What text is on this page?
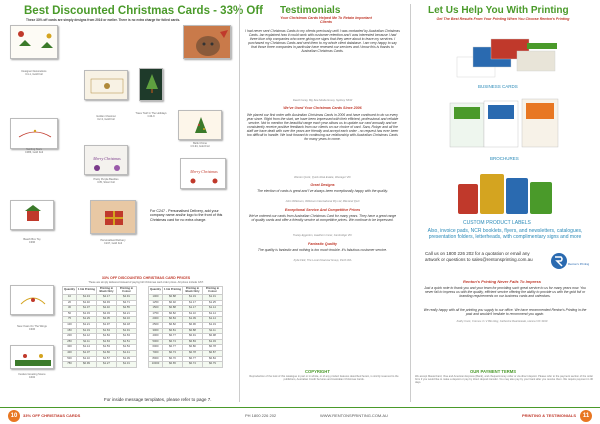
Best Discounted Christmas Cards - 33% Off
These 33% off cards are simply designs from 2016 or earlier. There is no extra charge for foiled cards.
Designer Decorations
C4-1, Gold Foil
Golden Chestnut
C2-3, Gold Foil
Trees Twirl In The Holidays
C43-9
Swirling Stars
C386, Gold Foil
Merry Christmas
Pretty Purple Baubles
C35, Silver Foil
Bells Chime
C3-94, Gold Foil
Merry Christmas
Personalised Delivery
C247, Gold Foil
For C247 - Personalised Delivery, add your company name and/or logo to the front of this Christmas card for no extra charge.
Beach Box Toy
C396
New Years On The Wings
C306
Festive Greeting Scene
C402
33% OFF DISCOUNTED CHRISTMAS CARD PRICES
These are simply delivered instead of paying full Christmas card order prices. All prices include GST.
Quantity	1 Ink Printing	Printing in Black Only	Printing in Colour
10	$1.43	$2.17	$2.91
20	$1.40	$2.93	$2.71
30	$1.37	$2.40	$2.55
50	$1.33	$2.03	$2.21
75	$1.29	$2.05	$2.16
100	$1.21	$1.97	$2.18
150	$1.19	$1.63	$1.91
200	$1.12	$1.84	$1.63
250	$1.11	$1.63	$1.51
300	$1.14	$1.53	$1.54
400	$1.07	$1.66	$1.41
500	$1.10	$1.57	$1.39
750	$0.99	$1.27	$1.31
Quantity	1 Ink Printing	Printing in Black Only	Printing in Colour
1000	$0.88	$1.19	$1.31
1250	$0.92	$1.17	$1.25
1500	$0.88	$1.17	$1.14
1750	$0.82	$1.10	$1.14
2000	$0.84	$1.09	$1.14
2500	$0.82	$0.96	$1.19
3000	$0.81	$0.88	$1.11
4000	$0.77	$0.91	$0.98
5000	$0.74	$0.83	$1.03
6000	$0.77	$0.80	$0.78
7000	$0.73	$0.78	$0.87
8000	$0.70	$0.77	$0.84
10000	$0.65	$0.74	$0.79
For inside message templates, please refer to page 7.
Testimonials
Your Christmas Cards Helped Me To Retain Important Clients
I had never sent Christmas Cards to my clients previously until I was contacted by Australian Christmas Cards. Ian explained how it could work with customer retention and I was interested because I had three blue chip companies who were giving me signs that they were about to leave my services. I purchased my Christmas Cards and sent them to my whole client database. I am very happy to say that those three companies in particular have renewed our services and I know this is thanks to Australian Christmas Cards.
David Carey, Big Sea Media Group, Sydney NSW
We've Used Your Christmas Cards Since 2006
We placed our first order with Australian Christmas Cards in 2006 and have continued to do so every year since. Right from the start, we have been impressed with their efficient, professional and reliable service. Not to mention the beautiful range each year allows us to update our card annually and we consistently receive positive feedback from our clients on our choice of card. Sara, Robyn and all the staff we have dealt with over the years are friendly and accept each order - no request has ever been too difficult to handle. We look forward to continuing our relationship with Australian Christmas Cards for many years to come.
Warren Quick, Quick Real Estate, Warragul VIC
Great Designs
The election of cards is great and I've always been exceptionally happy with the quality.
John Wilkinson, Wilkinson International Pty Ltd, Mile End QLD
Exceptional Service And Competitive Prices
We've ordered our cards from Australian Christmas Card for many years. They have a great range of quality cards and offer a friendly service at competitive prices. We continue to be impressed.
Tracey Eggerton, Hawthorn Inner, Cambridge VIC
Fantastic Quality
The quality is fantastic and nothing is too much trouble. It's fabulous customer service.
Kylie Flett, The Local Financial Group, Perth WA
COPYRIGHT
Reproduction of the look of this catalogue in part or in whole, or of any product features described herein, is strictly reserved to the publishers, Australian Credit Services and Australian Christmas Cards.
Let Us Help You With Printing
Get The Best Results From Your Printing When You Choose Renton's Printing
BUSINESS CARDS
BROCHURES
CUSTOM PRODUCT LABELS
Also, invoice pads, NCR booklets, flyers, and newsletters, catalogues, presentation folders, letterheads, with complimentary signs and more
Call us on 1800 226 202 for a quotation or email any artwork or questions to sales@rentonsprinting.com.au
Renton's Printing
Renton's Printing Never Fails To Impress
Just a quick note to thank you and your team for providing such great service to us for many years now. You never fail to impress us with the quality, efficient service offering the ability to provide us with the gold foil or branding requirements on our business cards and calendars.
We really happy with all the printing you supply to our office. We have recommended Renton's Printing in the past and wouldn't hesitate to recommend you again.
Kathy Cook, Cremos 3 / 2 Bits Reg, Catherine Real Estate, Hanna VIC 3910
OUR PAYMENT TERMS
We accept MasterCard, Visa and American Express (Bank), and cheque/money order or via direct deposit. Please refer to the payment section of the order form if you would like to make a deposit or pay by direct deposit transfer. You may also pay by your bank after you receive them. We require payment in 30 days.
10	33% OFF CHRISTMAS CARDS	PH 1800 226 202	WWW.RENTONSPRINTING.COM.AU	PRINTING & TESTIMONIALS	11
